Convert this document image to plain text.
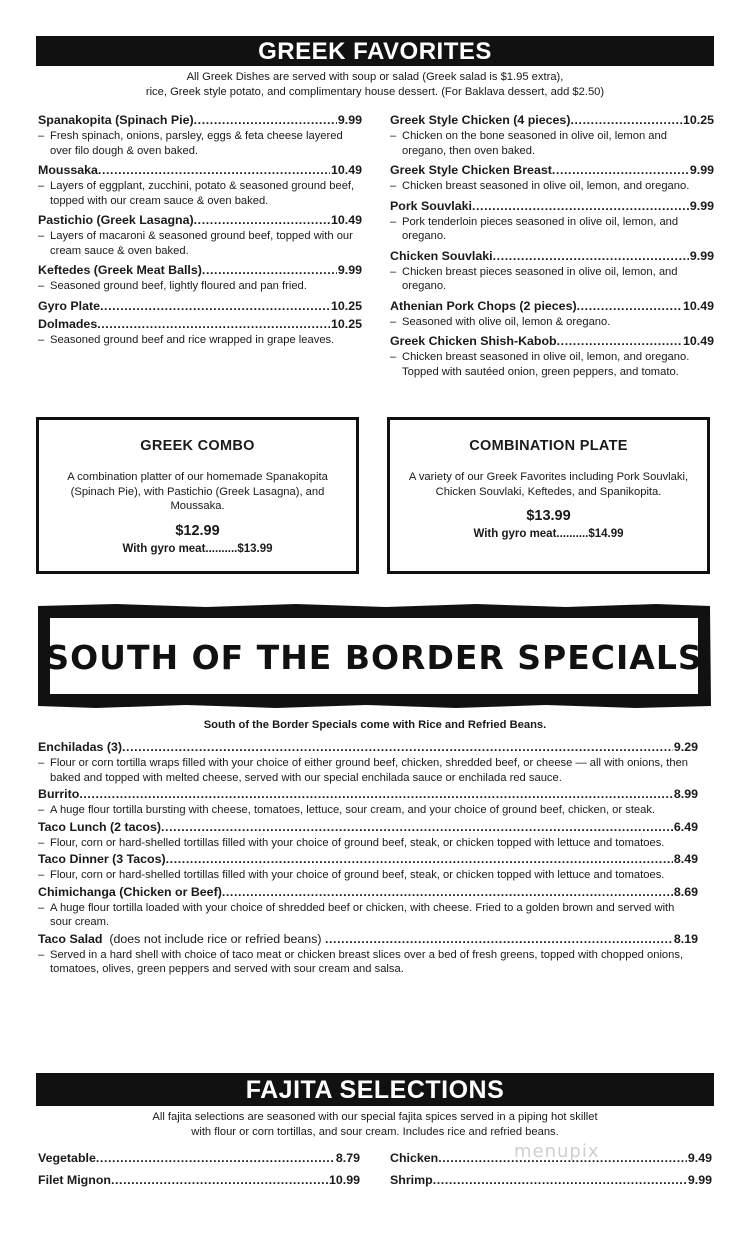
GREEK FAVORITES
All Greek Dishes are served with soup or salad (Greek salad is $1.95 extra),
rice, Greek style potato, and complimentary house dessert. (For Baklava dessert, add $2.50)
Spanakopita (Spinach Pie) .....	9.99
– Fresh spinach, onions, parsley, eggs & feta cheese layered over filo dough & oven baked.
Moussaka .....	10.49
– Layers of eggplant, zucchini, potato & seasoned ground beef, topped with our cream sauce & oven baked.
Pastichio (Greek Lasagna) .....	10.49
– Layers of macaroni & seasoned ground beef, topped with our cream sauce & oven baked.
Keftedes (Greek Meat Balls) .....	9.99
– Seasoned ground beef, lightly floured and pan fried.
Gyro Plate .....	10.25
Dolmades .....	10.25
– Seasoned ground beef and rice wrapped in grape leaves.
Greek Style Chicken (4 pieces) .....	10.25
– Chicken on the bone seasoned in olive oil, lemon and oregano, then oven baked.
Greek Style Chicken Breast .....	9.99
– Chicken breast seasoned in olive oil, lemon, and oregano.
Pork Souvlaki .....	9.99
– Pork tenderloin pieces seasoned in olive oil, lemon, and oregano.
Chicken Souvlaki .....	9.99
– Chicken breast pieces seasoned in olive oil, lemon, and oregano.
Athenian Pork Chops (2 pieces) .....	10.49
– Seasoned with olive oil, lemon & oregano.
Greek Chicken Shish-Kabob .....	10.49
– Chicken breast seasoned in olive oil, lemon, and oregano. Topped with sautéed onion, green peppers, and tomato.
GREEK COMBO
A combination platter of our homemade Spanakopita (Spinach Pie), with Pastichio (Greek Lasagna), and Moussaka.
$12.99
With gyro meat..........$13.99
COMBINATION PLATE
A variety of our Greek Favorites including Pork Souvlaki, Chicken Souvlaki, Keftedes, and Spanikopita.
$13.99
With gyro meat..........$14.99
SOUTH OF THE BORDER SPECIALS
South of the Border Specials come with Rice and Refried Beans.
Enchiladas (3) .....	9.29
– Flour or corn tortilla wraps filled with your choice of either ground beef, chicken, shredded beef, or cheese — all with onions, then baked and topped with melted cheese, served with our special enchilada sauce or enchilada red sauce.
Burrito .....	8.99
– A huge flour tortilla bursting with cheese, tomatoes, lettuce, sour cream, and your choice of ground beef, chicken, or steak.
Taco Lunch (2 tacos) .....	6.49
– Flour, corn or hard-shelled tortillas filled with your choice of ground beef, steak, or chicken topped with lettuce and tomatoes.
Taco Dinner (3 Tacos) .....	8.49
– Flour, corn or hard-shelled tortillas filled with your choice of ground beef, steak, or chicken topped with lettuce and tomatoes.
Chimichanga (Chicken or Beef) .....	8.69
– A huge flour tortilla loaded with your choice of shredded beef or chicken, with cheese. Fried to a golden brown and served with sour cream.
Taco Salad (does not include rice or refried beans) .....	8.19
– Served in a hard shell with choice of taco meat or chicken breast slices over a bed of fresh greens, topped with chopped onions, tomatoes, olives, green peppers and served with sour cream and salsa.
FAJITA SELECTIONS
All fajita selections are seasoned with our special fajita spices served in a piping hot skillet
with flour or corn tortillas, and sour cream. Includes rice and refried beans.
Vegetable .....	8.79
Filet Mignon .....	10.99
Chicken .....	9.49
Shrimp .....	9.99
menupix
